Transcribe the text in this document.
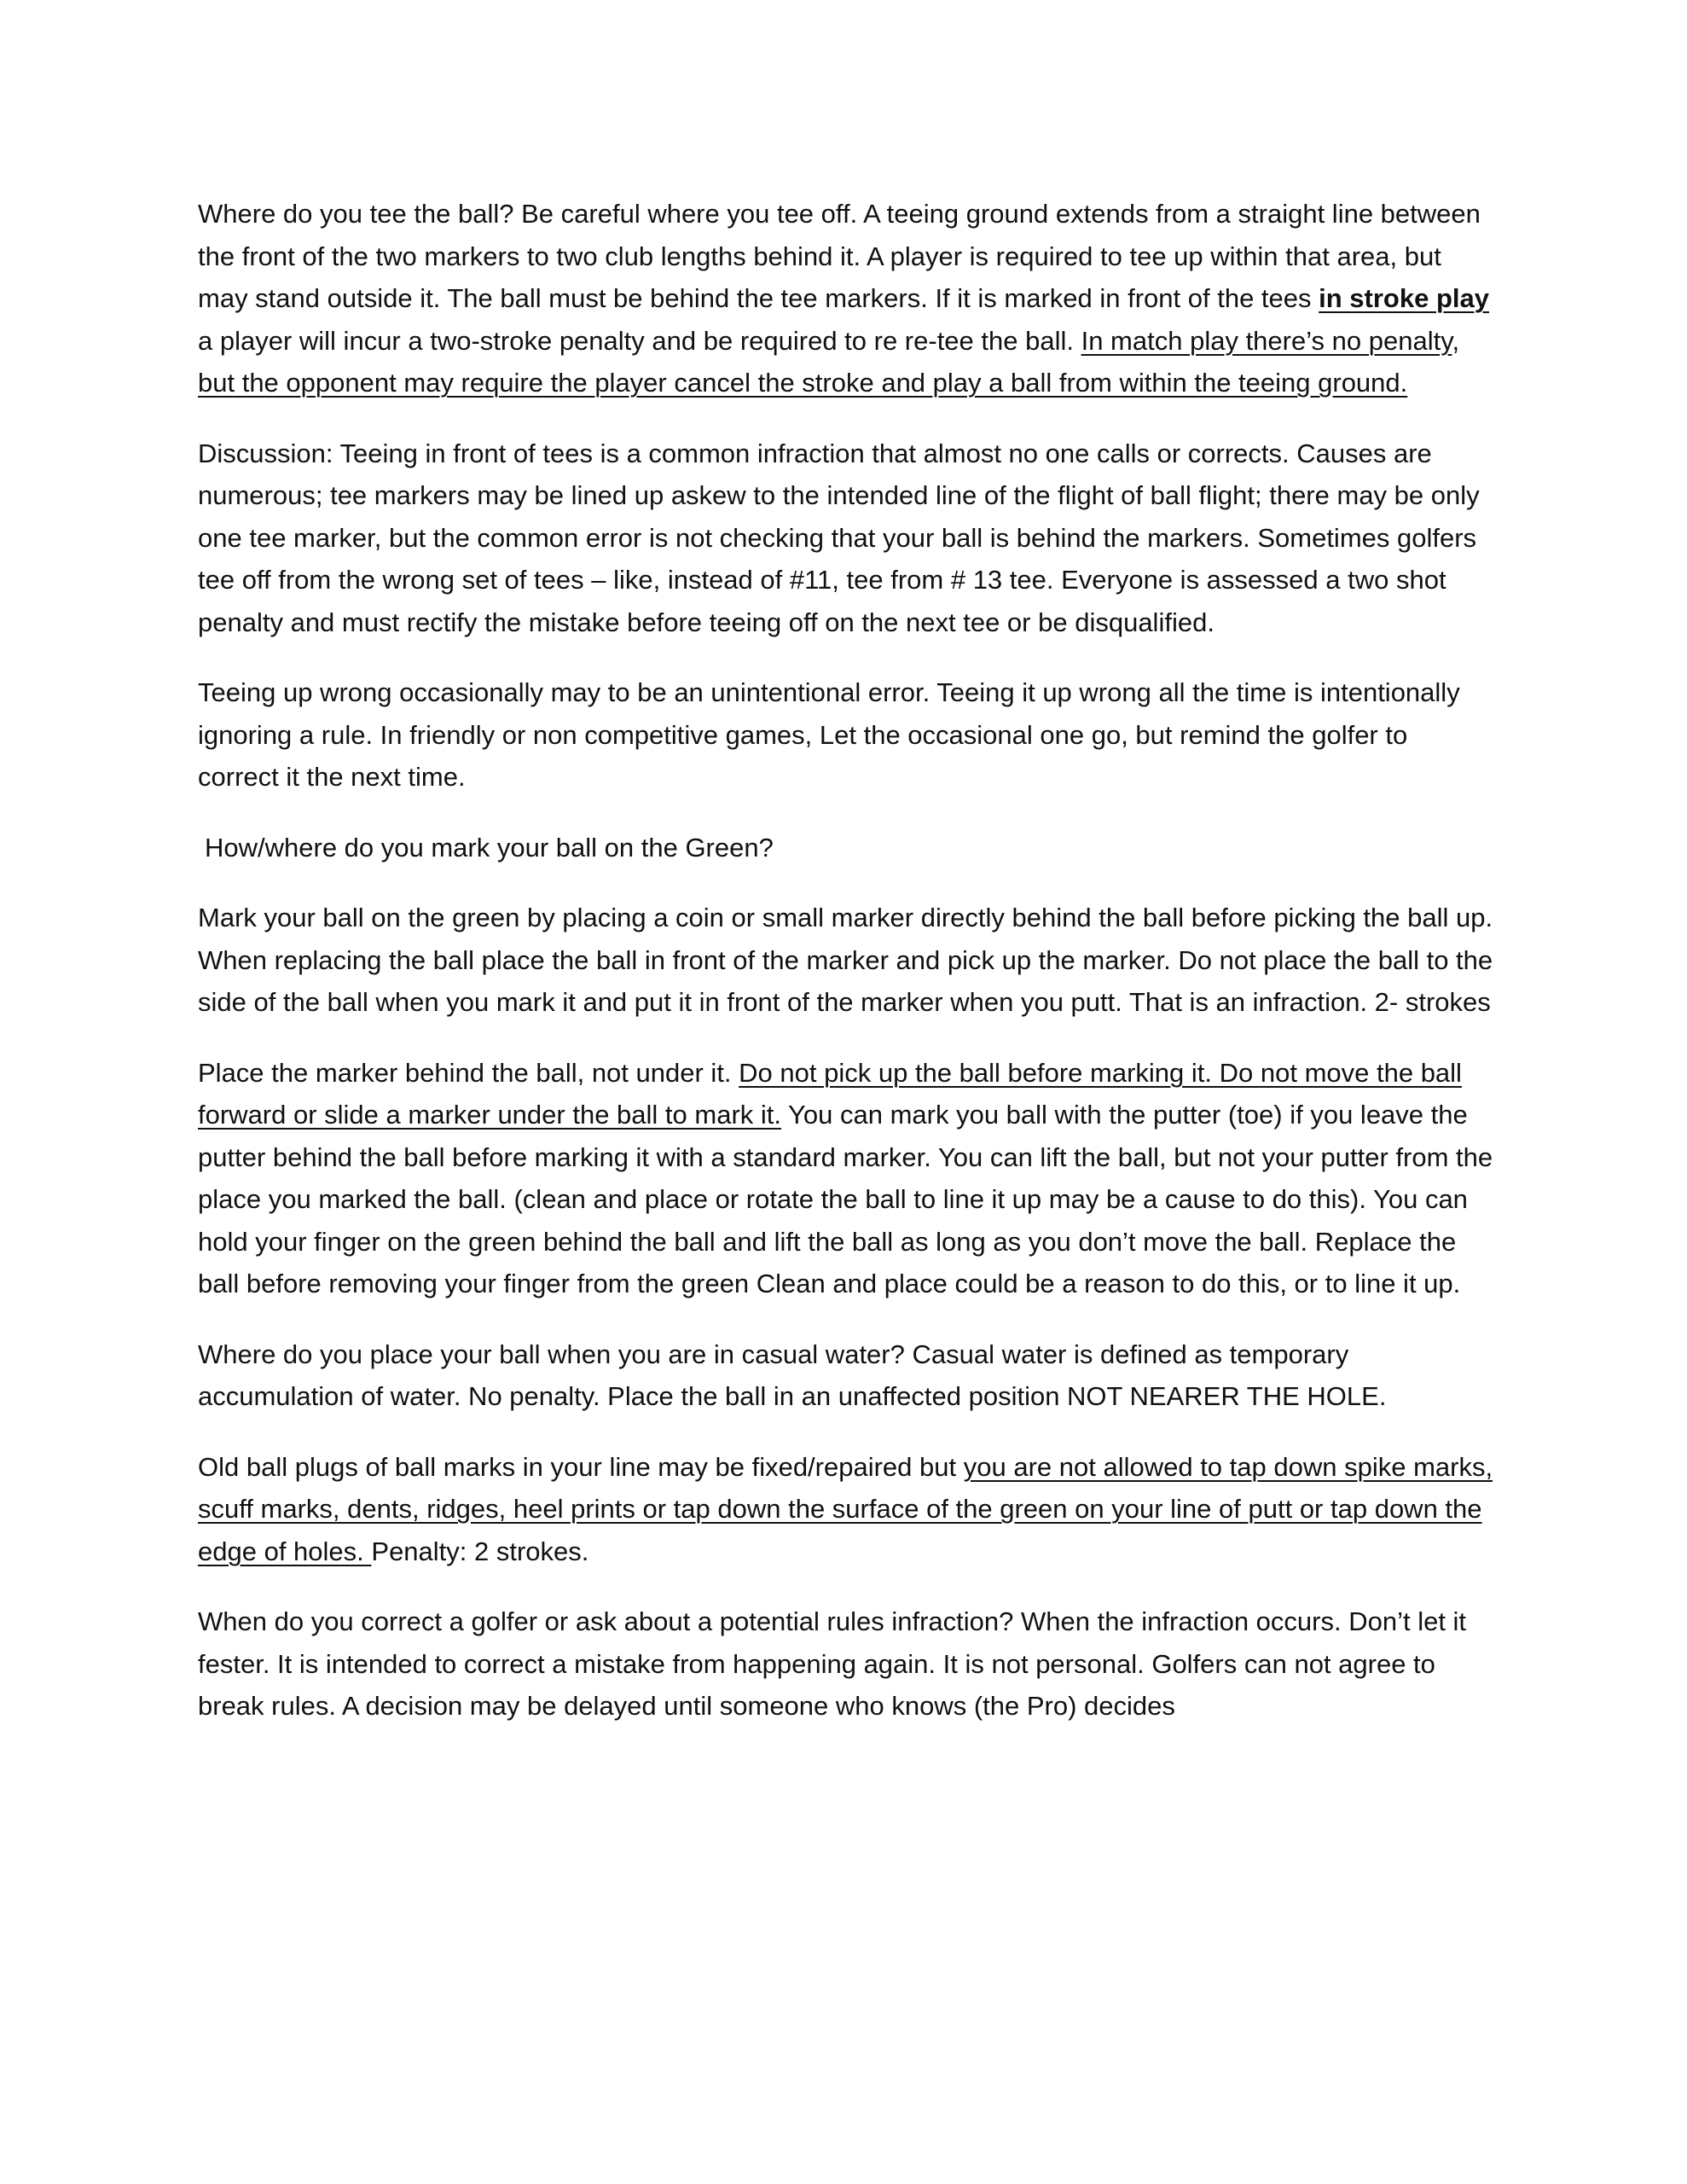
Where do you tee the ball? Be careful where you tee off. A teeing ground extends from a straight line between the front of the two markers to two club lengths behind it. A player is required to tee up within that area, but may stand outside it. The ball must be behind the tee markers. If it is marked in front of the tees in stroke play a player will incur a two-stroke penalty and be required to re re-tee the ball. In match play there’s no penalty, but the opponent may require the player cancel the stroke and play a ball from within the teeing ground.

Discussion: Teeing in front of tees is a common infraction that almost no one calls or corrects. Causes are numerous; tee markers may be lined up askew to the intended line of the flight of ball flight; there may be only one tee marker, but the common error is not checking that your ball is behind the markers. Sometimes golfers tee off from the wrong set of tees – like, instead of #11, tee from # 13 tee. Everyone is assessed a two shot penalty and must rectify the mistake before teeing off on the next tee or be disqualified.

Teeing up wrong occasionally may to be an unintentional error. Teeing it up wrong all the time is intentionally ignoring a rule. In friendly or non competitive games, Let the occasional one go, but remind the golfer to correct it the next time.

How/where do you mark your ball on the Green?

Mark your ball on the green by placing a coin or small marker directly behind the ball before picking the ball up. When replacing the ball place the ball in front of the marker and pick up the marker. Do not place the ball to the side of the ball when you mark it and put it in front of the marker when you putt. That is an infraction. 2- strokes

Place the marker behind the ball, not under it. Do not pick up the ball before marking it. Do not move the ball forward or slide a marker under the ball to mark it. You can mark you ball with the putter (toe) if you leave the putter behind the ball before marking it with a standard marker. You can lift the ball, but not your putter from the place you marked the ball. (clean and place or rotate the ball to line it up may be a cause to do this). You can hold your finger on the green behind the ball and lift the ball as long as you don’t move the ball. Replace the ball before removing your finger from the green Clean and place could be a reason to do this, or to line it up.

Where do you place your ball when you are in casual water? Casual water is defined as temporary accumulation of water. No penalty. Place the ball in an unaffected position NOT NEARER THE HOLE.

Old ball plugs of ball marks in your line may be fixed/repaired but you are not allowed to tap down spike marks, scuff marks, dents, ridges, heel prints or tap down the surface of the green on your line of putt or tap down the edge of holes. Penalty: 2 strokes.

When do you correct a golfer or ask about a potential rules infraction? When the infraction occurs. Don’t let it fester. It is intended to correct a mistake from happening again. It is not personal. Golfers can not agree to break rules. A decision may be delayed until someone who knows (the Pro) decides
